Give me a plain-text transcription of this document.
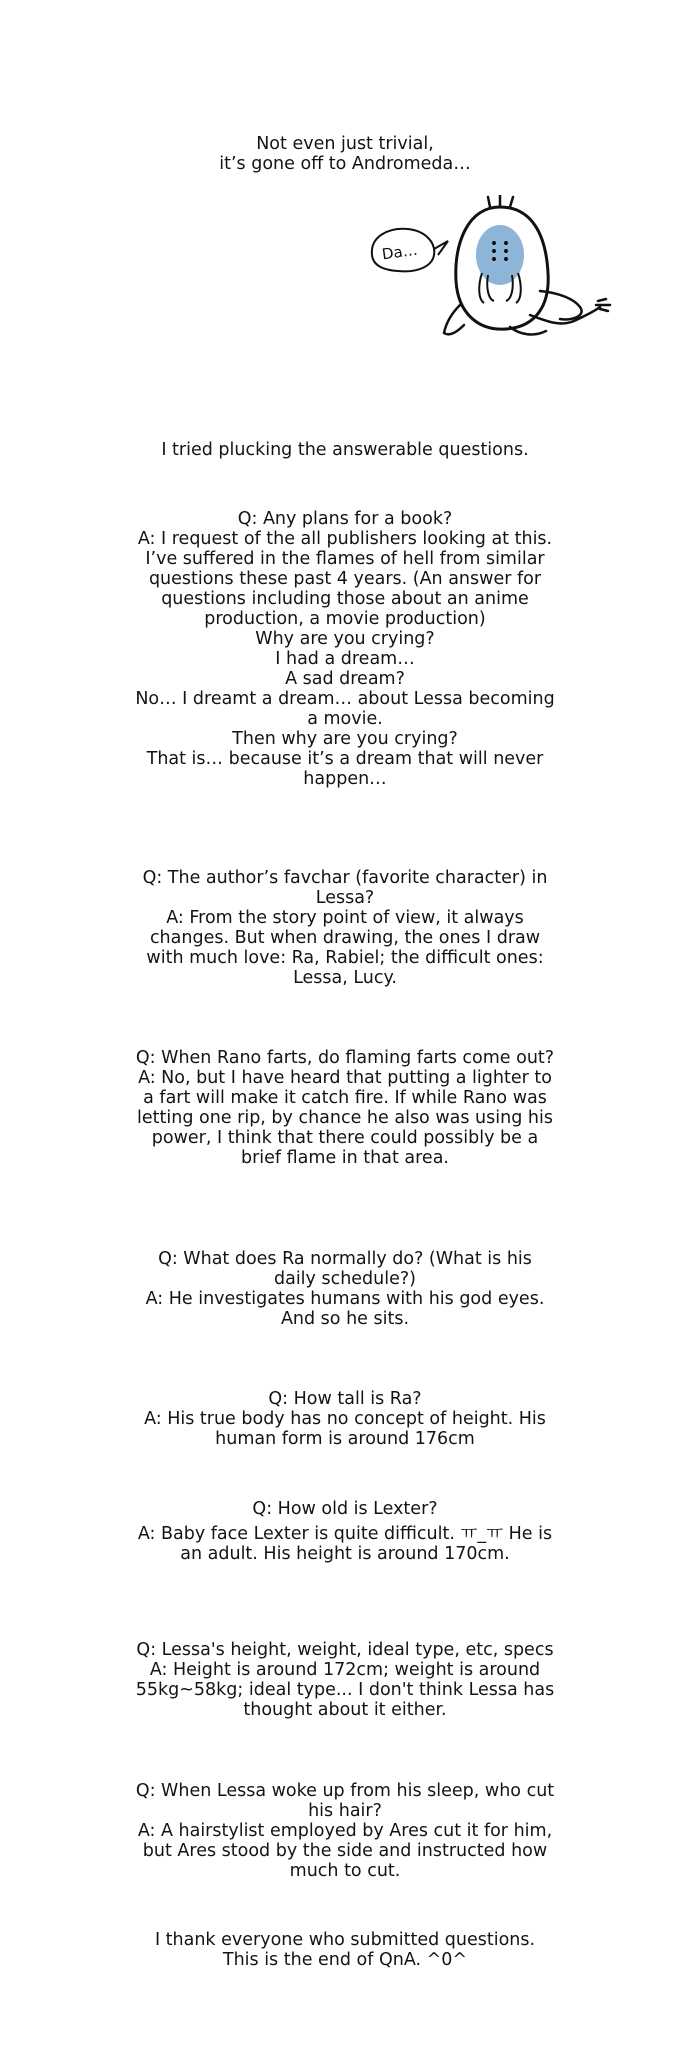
Not even just trivial,
it’s gone off to Andromeda…
Da…
I tried plucking the answerable questions.
Q: Any plans for a book?
A: I request of the all publishers looking at this.
I’ve suffered in the flames of hell from similar
questions these past 4 years. (An answer for
questions including those about an anime
production, a movie production)
Why are you crying?
I had a dream…
A sad dream?
No… I dreamt a dream… about Lessa becoming
a movie.
Then why are you crying?
That is… because it’s a dream that will never
happen…
Q: The author’s favchar (favorite character) in
Lessa?
A: From the story point of view, it always
changes. But when drawing, the ones I draw
with much love: Ra, Rabiel; the difficult ones:
Lessa, Lucy.
Q: When Rano farts, do flaming farts come out?
A: No, but I have heard that putting a lighter to
a fart will make it catch fire. If while Rano was
letting one rip, by chance he also was using his
power, I think that there could possibly be a
brief flame in that area.
Q: What does Ra normally do? (What is his
daily schedule?)
A: He investigates humans with his god eyes.
And so he sits.
Q: How tall is Ra?
A: His true body has no concept of height. His
human form is around 176cm
Q: How old is Lexter?
A: Baby face Lexter is quite difficult. ㅠ_ㅠ He is
an adult. His height is around 170cm.
Q: Lessa's height, weight, ideal type, etc, specs
A: Height is around 172cm; weight is around
55kg~58kg; ideal type... I don't think Lessa has
thought about it either.
Q: When Lessa woke up from his sleep, who cut
his hair?
A: A hairstylist employed by Ares cut it for him,
but Ares stood by the side and instructed how
much to cut.
I thank everyone who submitted questions.
This is the end of QnA. ^0^
